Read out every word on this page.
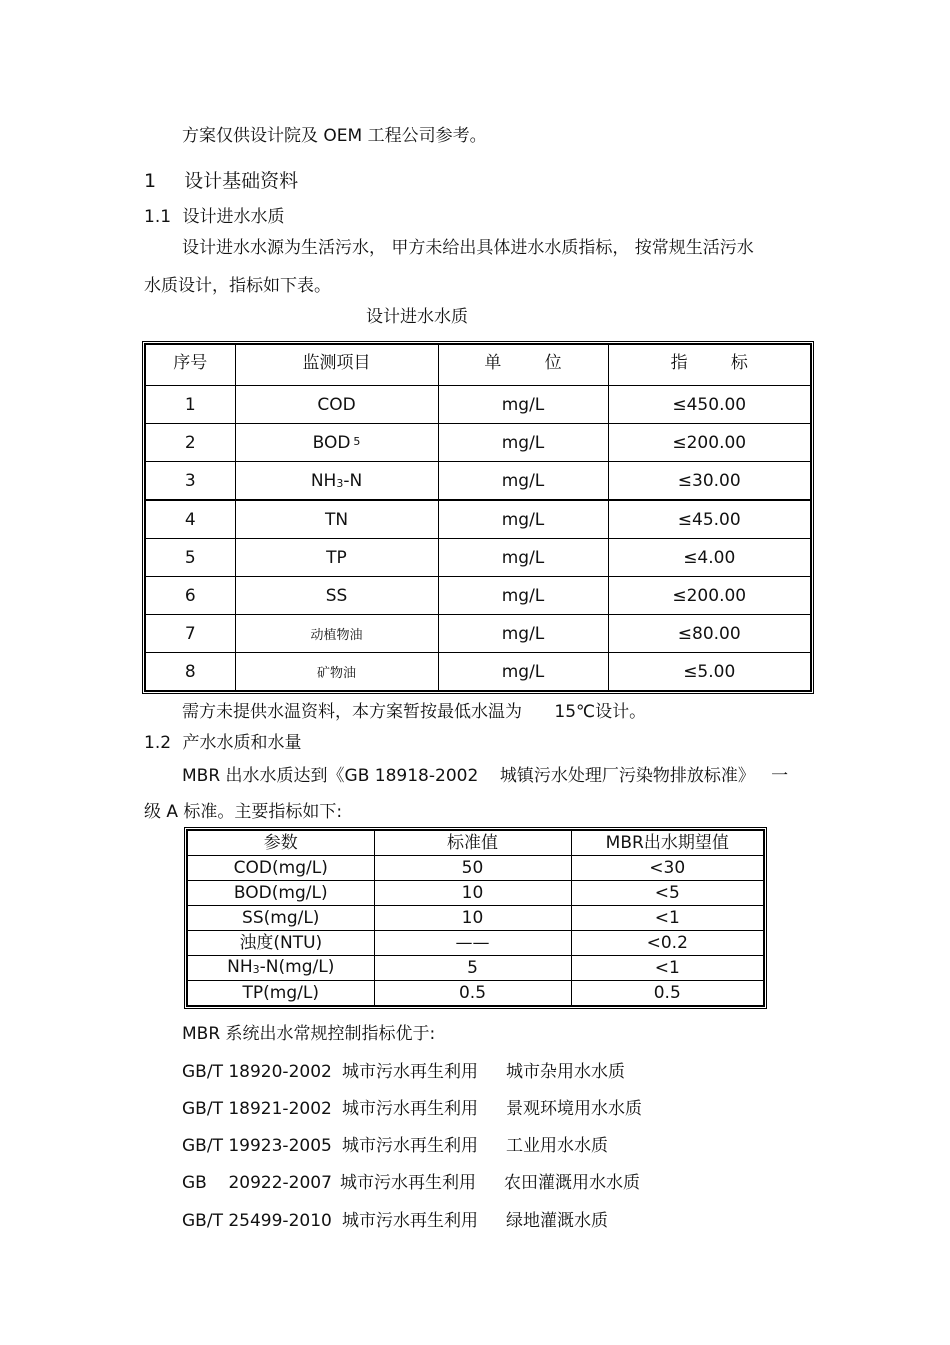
方案仅供设计院及 OEM 工程公司参考。
1 设计基础资料
1.1 设计进水水质
设计进水水源为生活污水， 甲方未给出具体进水水质指标， 按常规生活污水
水质设计，指标如下表。
设计进水水质
序号	监测项目	单        位	指        标
1	COD	mg/L	≤450.00
2	BOD $^5$	mg/L	≤200.00
3	$NH_3-N$	mg/L	≤30.00
4	TN	mg/L	≤45.00
5	TP	mg/L	≤4.00
6	SS	mg/L	≤200.00
7	动植物油	mg/L	≤80.00
8	矿物油	mg/L	≤5.00
需方未提供水温资料，本方案暂按最低水温为      15℃设计。
1.2 产水水质和水量
MBR 出水水质达到《GB 18918-2002    城镇污水处理厂污染物排放标准》   一
级 A 标准。主要指标如下:
参数	标准值	MBR出水期望值
COD(mg/L)	50	<30
BOD(mg/L)	10	<5
SS(mg/L)	10	<1
浊度(NTU)	——	<0.2
$NH_3-N(mg/L)$	5	<1
TP(mg/L)	0.5	0.5
MBR 系统出水常规控制指标优于:
GB/T 18920-2002 城市污水再生利用 城市杂用水水质
GB/T 18921-2002 城市污水再生利用 景观环境用水水质
GB/T 19923-2005 城市污水再生利用 工业用水水质
GB    20922-2007 城市污水再生利用 农田灌溉用水水质
GB/T 25499-2010 城市污水再生利用 绿地灌溉水质
